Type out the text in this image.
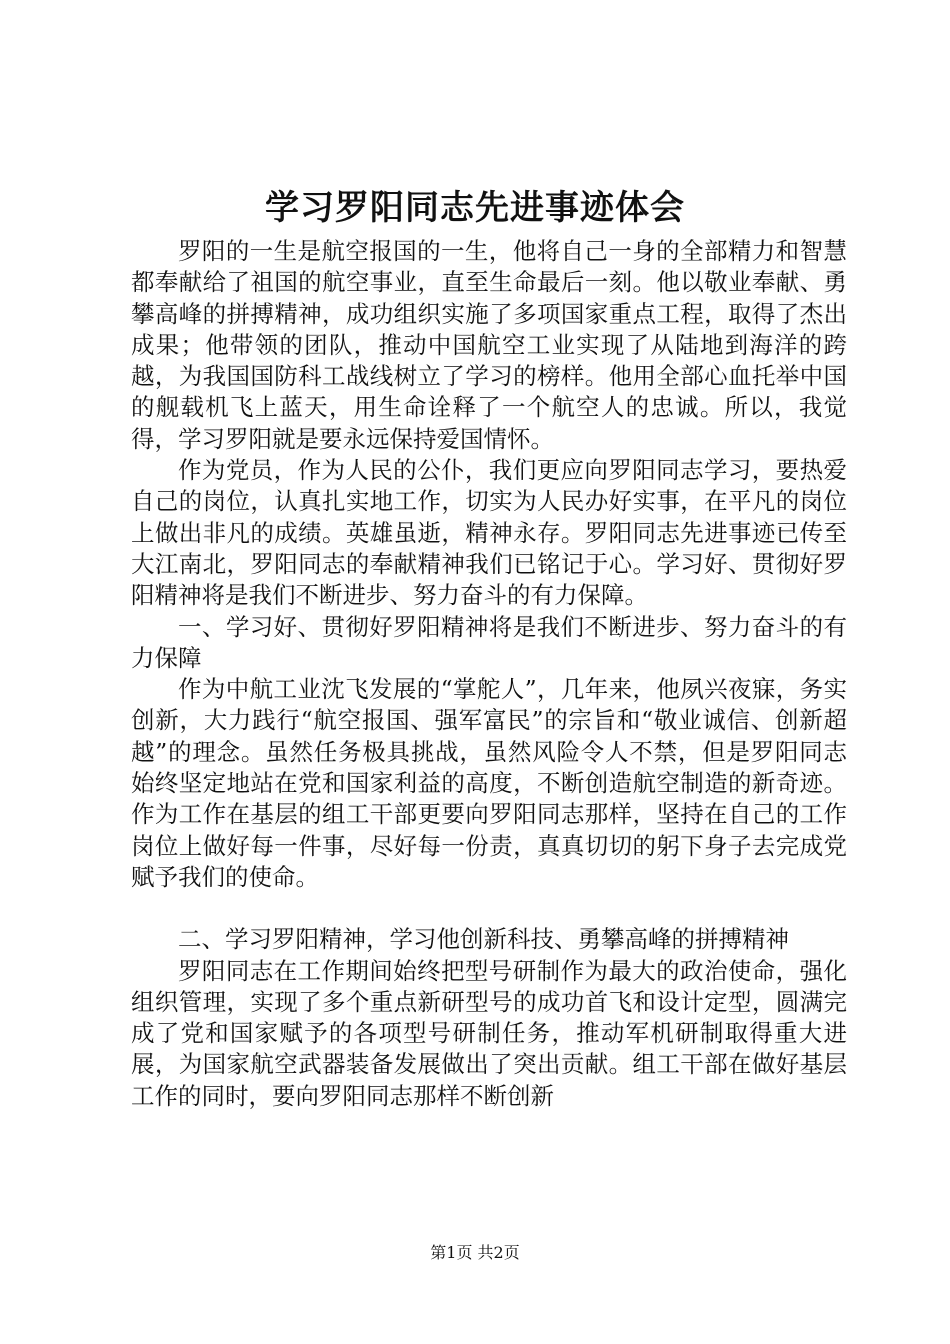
学习罗阳同志先进事迹体会

罗阳的一生是航空报国的一生，他将自己一身的全部精力和智慧都奉献给了祖国的航空事业，直至生命最后一刻。他以敬业奉献、勇攀高峰的拼搏精神，成功组织实施了多项国家重点工程，取得了杰出成果；他带领的团队，推动中国航空工业实现了从陆地到海洋的跨越，为我国国防科工战线树立了学习的榜样。他用全部心血托举中国的舰载机飞上蓝天，用生命诠释了一个航空人的忠诚。所以，我觉得，学习罗阳就是要永远保持爱国情怀。

作为党员，作为人民的公仆，我们更应向罗阳同志学习，要热爱自己的岗位，认真扎实地工作，切实为人民办好实事，在平凡的岗位上做出非凡的成绩。英雄虽逝，精神永存。罗阳同志先进事迹已传至大江南北，罗阳同志的奉献精神我们已铭记于心。学习好、贯彻好罗阳精神将是我们不断进步、努力奋斗的有力保障。

一、学习好、贯彻好罗阳精神将是我们不断进步、努力奋斗的有力保障

作为中航工业沈飞发展的“掌舵人”，几年来，他夙兴夜寐，务实创新，大力践行“航空报国、强军富民”的宗旨和“敬业诚信、创新超越”的理念。虽然任务极具挑战，虽然风险令人不禁，但是罗阳同志始终坚定地站在党和国家利益的高度，不断创造航空制造的新奇迹。作为工作在基层的组工干部更要向罗阳同志那样，坚持在自己的工作岗位上做好每一件事，尽好每一份责，真真切切的躬下身子去完成党赋予我们的使命。

二、学习罗阳精神，学习他创新科技、勇攀高峰的拼搏精神

罗阳同志在工作期间始终把型号研制作为最大的政治使命，强化组织管理，实现了多个重点新研型号的成功首飞和设计定型，圆满完成了党和国家赋予的各项型号研制任务，推动军机研制取得重大进展，为国家航空武器装备发展做出了突出贡献。组工干部在做好基层工作的同时，要向罗阳同志那样不断创新

第1页 共2页
